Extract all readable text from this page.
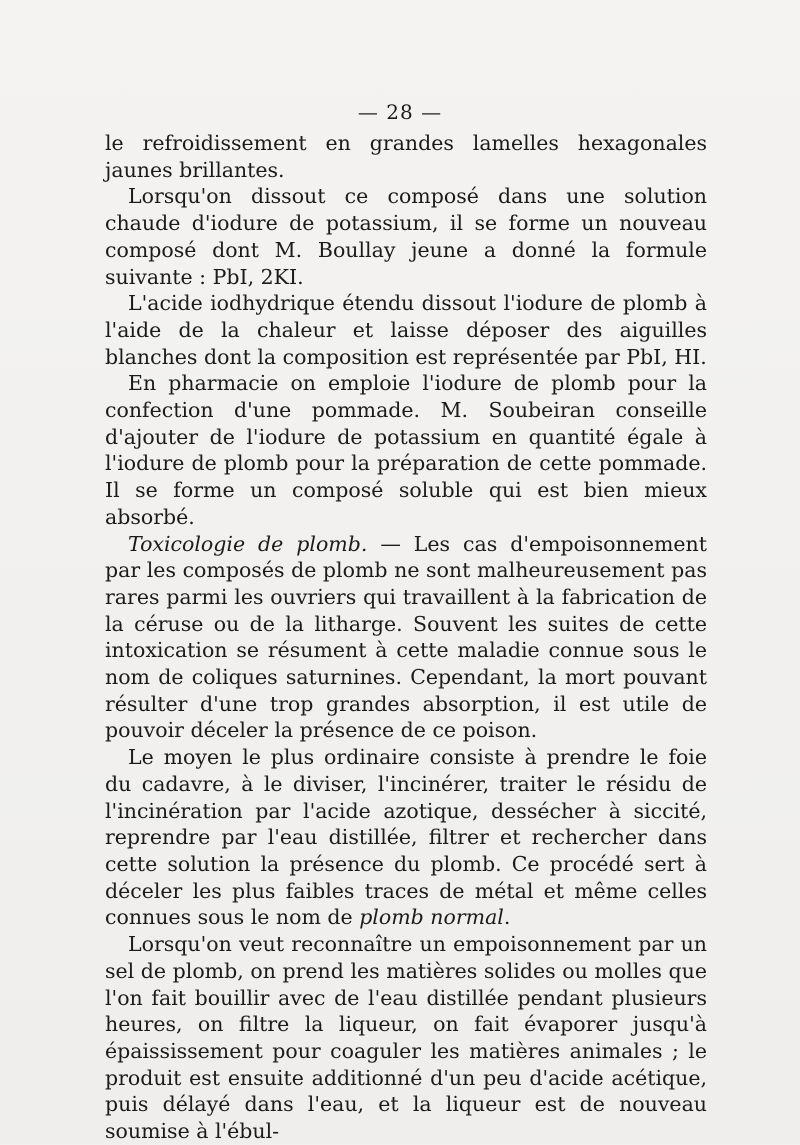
— 28 —

le refroidissement en grandes lamelles hexagonales jaunes brillantes.

Lorsqu'on dissout ce composé dans une solution chaude d'iodure de potassium, il se forme un nouveau composé dont M. Boullay jeune a donné la formule suivante : PbI, 2KI.

L'acide iodhydrique étendu dissout l'iodure de plomb à l'aide de la chaleur et laisse déposer des aiguilles blanches dont la composition est représentée par PbI, HI.

En pharmacie on emploie l'iodure de plomb pour la confection d'une pommade. M. Soubeiran conseille d'ajouter de l'iodure de potassium en quantité égale à l'iodure de plomb pour la préparation de cette pommade. Il se forme un composé soluble qui est bien mieux absorbé.

Toxicologie de plomb. — Les cas d'empoisonnement par les composés de plomb ne sont malheureusement pas rares parmi les ouvriers qui travaillent à la fabrication de la céruse ou de la litharge. Souvent les suites de cette intoxication se résument à cette maladie connue sous le nom de coliques saturnines. Cependant, la mort pouvant résulter d'une trop grandes absorption, il est utile de pouvoir déceler la présence de ce poison.

Le moyen le plus ordinaire consiste à prendre le foie du cadavre, à le diviser, l'incinérer, traiter le résidu de l'incinération par l'acide azotique, dessécher à siccité, reprendre par l'eau distillée, filtrer et rechercher dans cette solution la présence du plomb. Ce procédé sert à déceler les plus faibles traces de métal et même celles connues sous le nom de plomb normal.

Lorsqu'on veut reconnaître un empoisonnement par un sel de plomb, on prend les matières solides ou molles que l'on fait bouillir avec de l'eau distillée pendant plusieurs heures, on filtre la liqueur, on fait évaporer jusqu'à épaississement pour coaguler les matières animales ; le produit est ensuite additionné d'un peu d'acide acétique, puis délayé dans l'eau, et la liqueur est de nouveau soumise à l'ébul-
